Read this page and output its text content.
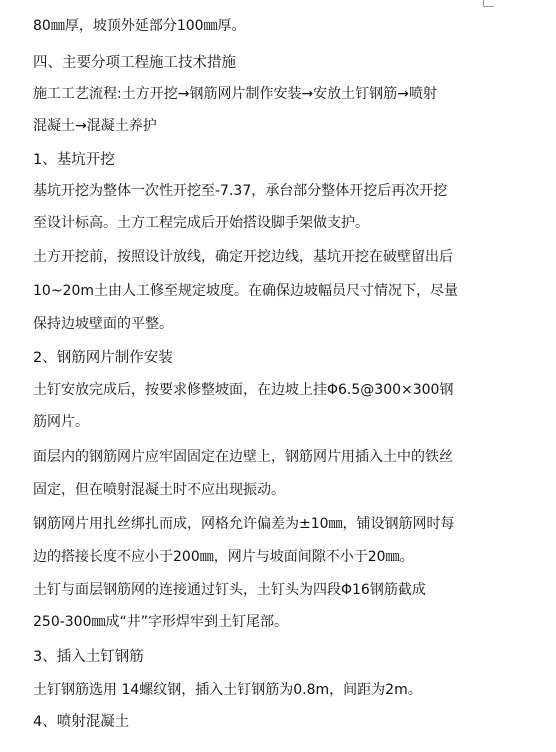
80㎜厚，坡顶外延部分100㎜厚。
四、主要分项工程施工技术措施
施工工艺流程:土方开挖→钢筋网片制作安装→安放土钉钢筋→喷射
混凝土→混凝土养护
1、基坑开挖
基坑开挖为整体一次性开挖至-7.37，承台部分整体开挖后再次开挖
至设计标高。土方工程完成后开始搭设脚手架做支护。
土方开挖前，按照设计放线，确定开挖边线，基坑开挖在破壁留出后
10~20m土由人工修至规定坡度。在确保边坡幅员尺寸情况下，尽量
保持边坡壁面的平整。
2、钢筋网片制作安装
土钉安放完成后，按要求修整坡面，在边坡上挂Φ6.5@300×300钢
筋网片。
面层内的钢筋网片应牢固固定在边壁上，钢筋网片用插入土中的铁丝
固定，但在喷射混凝土时不应出现振动。
钢筋网片用扎丝绑扎而成，网格允许偏差为±10㎜，铺设钢筋网时每
边的搭接长度不应小于200㎜，网片与坡面间隙不小于20㎜。
土钉与面层钢筋网的连接通过钉头，土钉头为四段Φ16钢筋截成
250-300㎜成“井”字形焊牢到土钉尾部。
3、插入土钉钢筋
土钉钢筋选用 14螺纹钢，插入土钉钢筋为0.8m，间距为2m。
4、喷射混凝土
